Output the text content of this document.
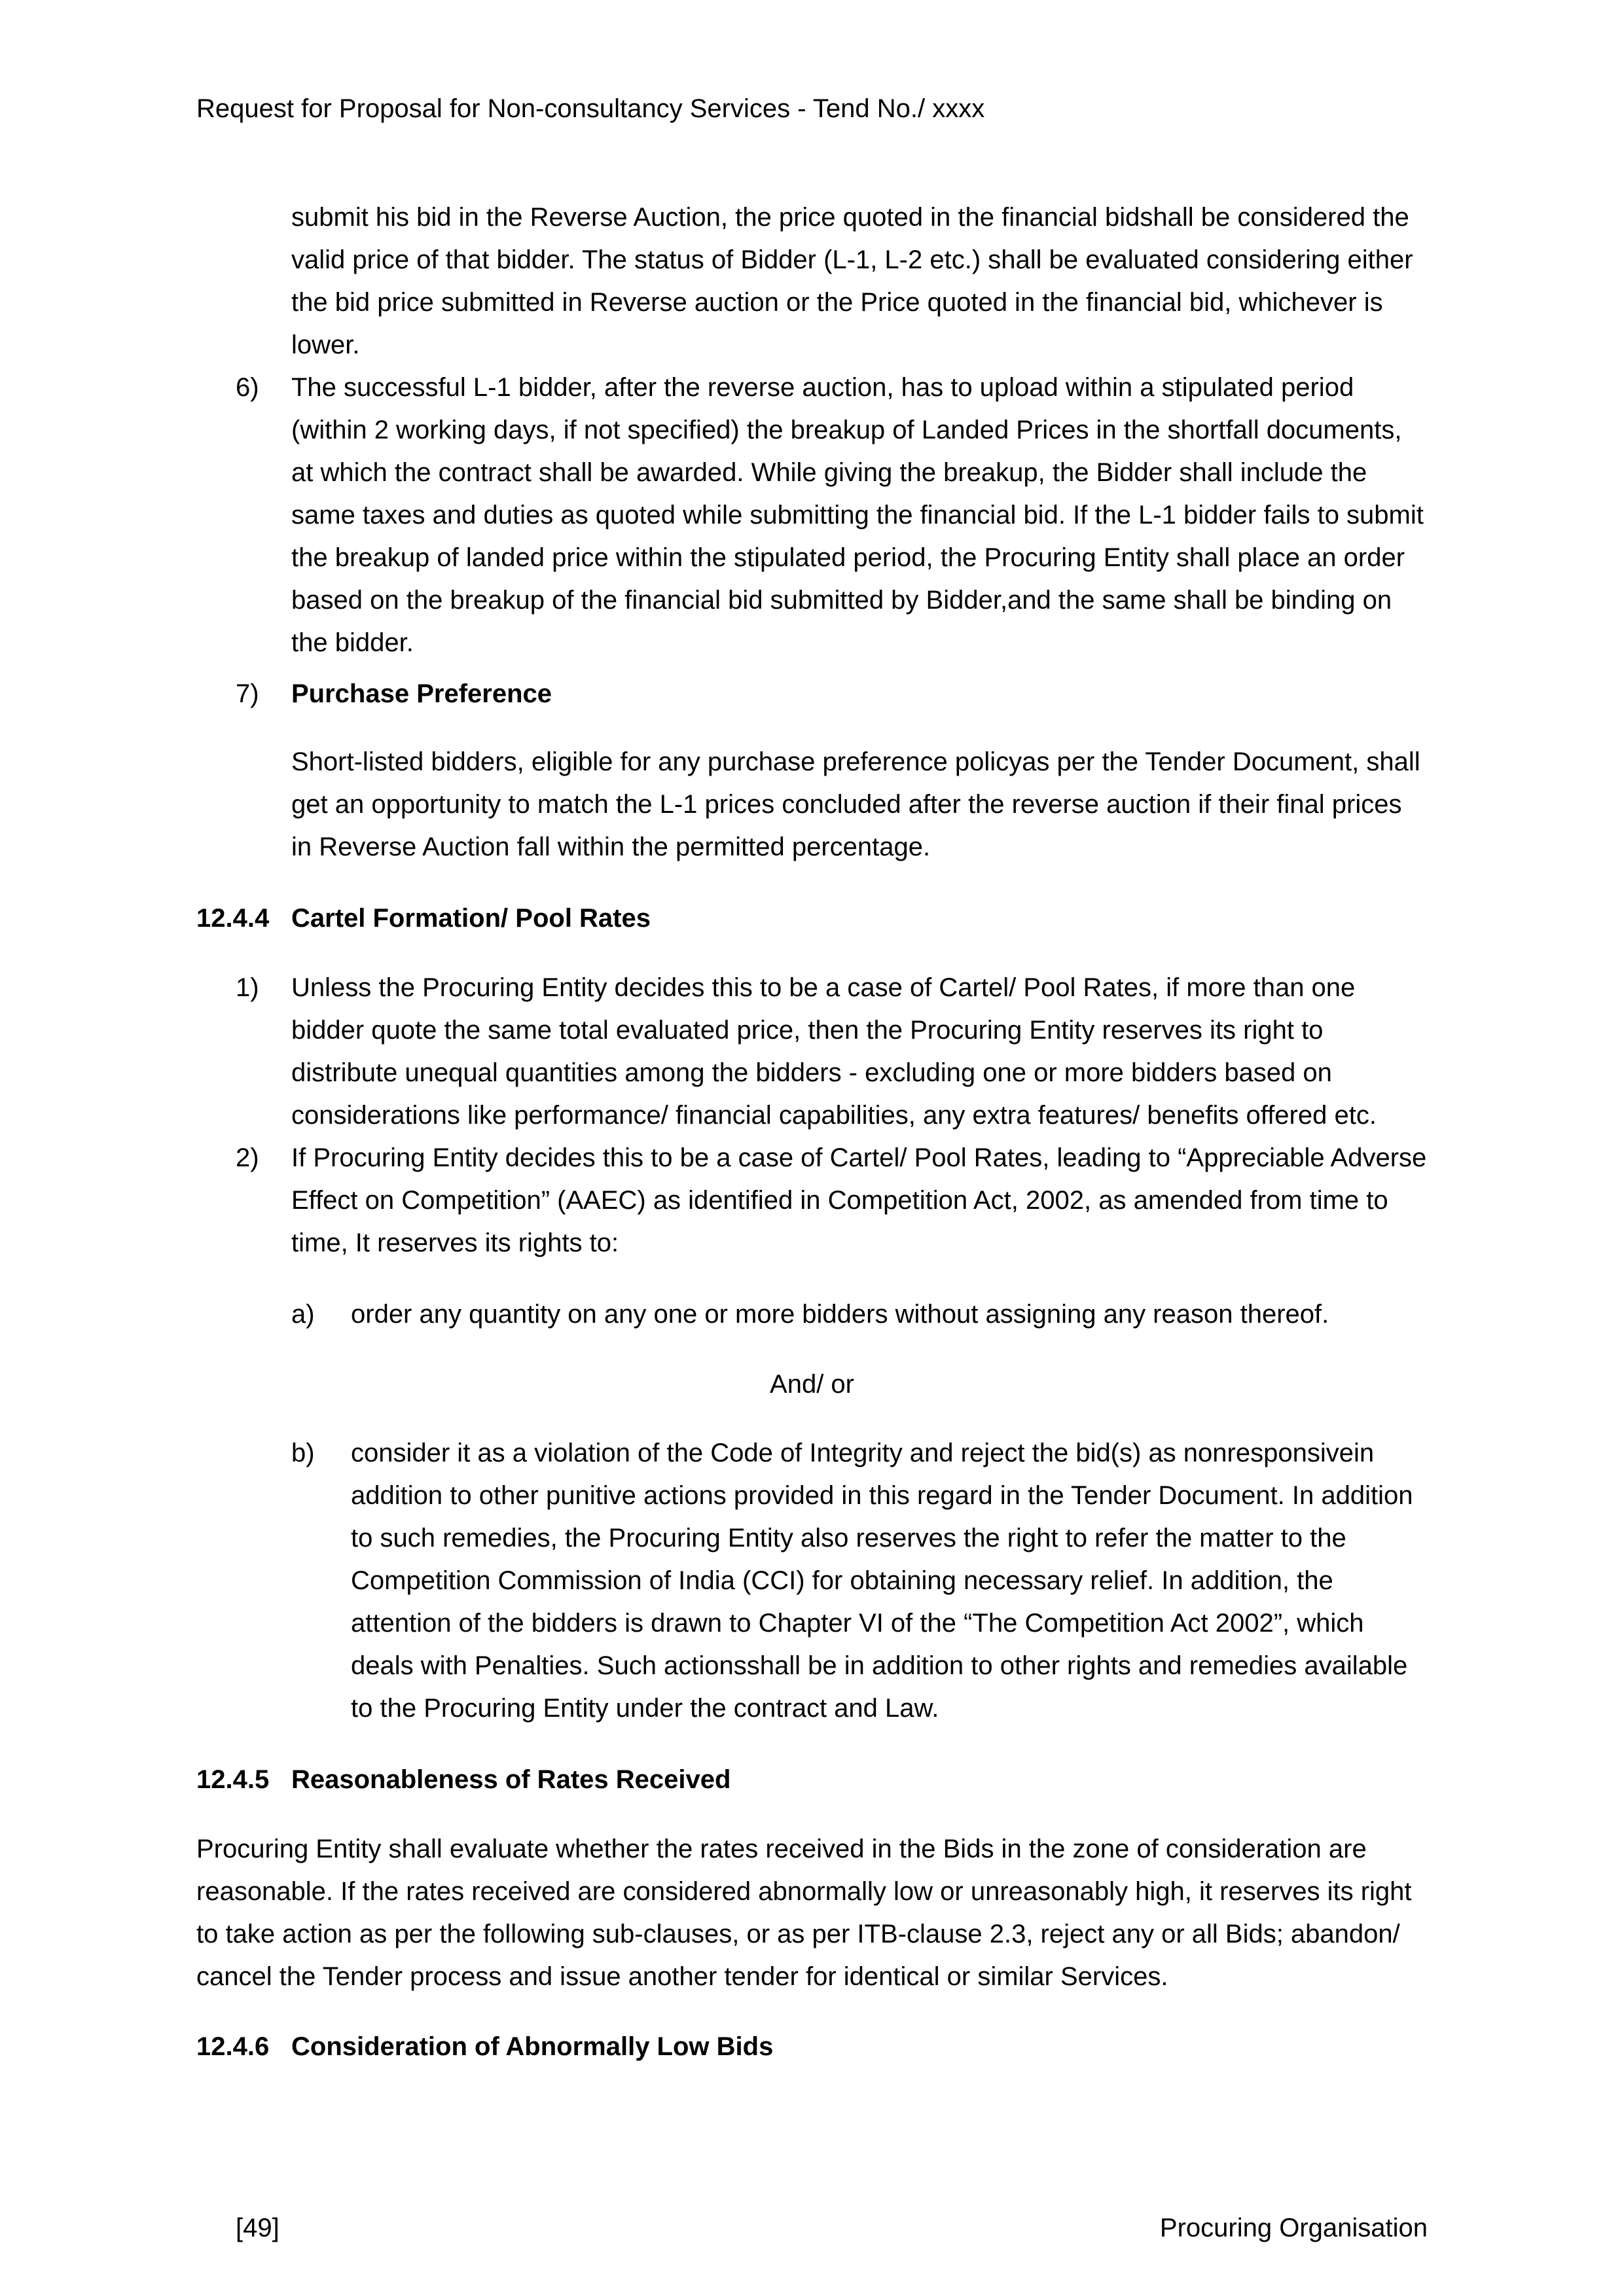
Request for Proposal for Non-consultancy Services - Tend No./ xxxx

submit his bid in the Reverse Auction, the price quoted in the financial bidshall be considered the valid price of that bidder. The status of Bidder (L-1, L-2 etc.) shall be evaluated considering either the bid price submitted in Reverse auction or the Price quoted in the financial bid, whichever is lower.

6)	The successful L-1 bidder, after the reverse auction, has to upload within a stipulated period (within 2 working days, if not specified) the breakup of Landed Prices in the shortfall documents, at which the contract shall be awarded. While giving the breakup, the Bidder shall include the same taxes and duties as quoted while submitting the financial bid. If the L-1 bidder fails to submit the breakup of landed price within the stipulated period, the Procuring Entity shall place an order based on the breakup of the financial bid submitted by Bidder,and the same shall be binding on the bidder.
7)	Purchase Preference

Short-listed bidders, eligible for any purchase preference policyas per the Tender Document, shall get an opportunity to match the L-1 prices concluded after the reverse auction if their final prices in Reverse Auction fall within the permitted percentage.

12.4.4 Cartel Formation/ Pool Rates
1)	Unless the Procuring Entity decides this to be a case of Cartel/ Pool Rates, if more than one bidder quote the same total evaluated price, then the Procuring Entity reserves its right to distribute unequal quantities among the bidders - excluding one or more bidders based on considerations like performance/ financial capabilities, any extra features/ benefits offered etc.
2)	If Procuring Entity decides this to be a case of Cartel/ Pool Rates, leading to “Appreciable Adverse Effect on Competition” (AAEC) as identified in Competition Act, 2002, as amended from time to time, It reserves its rights to:
a)	order any quantity on any one or more bidders without assigning any reason thereof.

And/ or

b)	consider it as a violation of the Code of Integrity and reject the bid(s) as nonresponsivein addition to other punitive actions provided in this regard in the Tender Document. In addition to such remedies, the Procuring Entity also reserves the right to refer the matter to the Competition Commission of India (CCI) for obtaining necessary relief. In addition, the attention of the bidders is drawn to Chapter VI of the “The Competition Act 2002”, which deals with Penalties. Such actionsshall be in addition to other rights and remedies available to the Procuring Entity under the contract and Law.
12.4.5 Reasonableness of Rates Received

Procuring Entity shall evaluate whether the rates received in the Bids in the zone of consideration are reasonable. If the rates received are considered abnormally low or unreasonably high, it reserves its right to take action as per the following sub-clauses, or as per ITB-clause 2.3, reject any or all Bids; abandon/ cancel the Tender process and issue another tender for identical or similar Services.

12.4.6 Consideration of Abnormally Low Bids
[49]	Procuring Organisation
